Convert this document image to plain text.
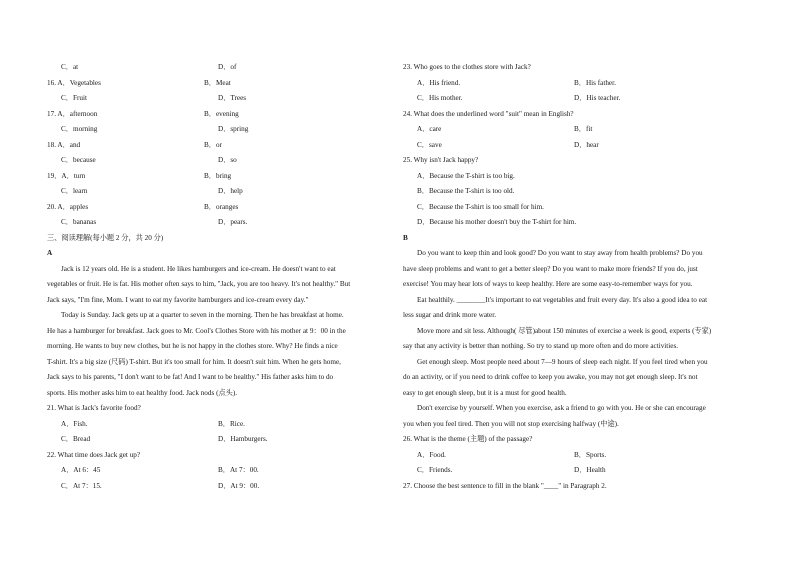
C．at	D．of
16. A．Vegetables	B．Meat
C．Fruit	D．Trees
17. A．afternoon	B．evening
C．morning	D．spring
18. A．and	B．or
C．because	D．so
19．A．turn	B．bring
C．learn	D．help
20. A．apples	B．oranges
C．bananas	D．pears.
三、阅读理解(每小题 2 分，共 20 分)
A
Jack is 12 years old. He is a student. He likes hamburgers and ice-cream. He doesn't want to eat
vegetables or fruit. He is fat. His mother often says to him, "Jack, you are too heavy. It's not healthy." But
Jack says, "I'm fine, Mom. I want to eat my favorite hamburgers and ice-cream every day."
Today is Sunday. Jack gets up at a quarter to seven in the morning. Then he has breakfast at home.
He has a hamburger for breakfast. Jack goes to Mr. Cool's Clothes Store with his mother at 9：00 in the
morning. He wants to buy new clothes, but he is not happy in the clothes store. Why? He finds a nice
T-shirt. It's a big size (尺码) T-shirt. But it's too small for him. It doesn't suit him. When he gets home,
Jack says to his parents, "I don't want to be fat! And I want to be healthy." His father asks him to do
sports. His mother asks him to eat healthy food. Jack nods (点头).
21. What is Jack's favorite food?
A．Fish.	B．Rice.
C．Bread	D．Hamburgers.
22. What time does Jack get up?
A．At 6：45	B．At 7：00.
C．At 7：15.	D．At 9：00.
23. Who goes to the clothes store with Jack?
A．His friend.	B．His father.
C．His mother.	D．His teacher.
24. What does the underlined word "suit" mean in English?
A．care	B．fit
C．save	D．hear
25. Why isn't Jack happy?
A．Because the T-shirt is too big.
B．Because the T-shirt is too old.
C．Because the T-shirt is too small for him.
D．Because his mother doesn't buy the T-shirt for him.
B
Do you want to keep thin and look good? Do you want to stay away from health problems? Do you
have sleep problems and want to get a better sleep? Do you want to make more friends? If you do, just
exercise! You may hear lots of ways to keep healthy. Here are some easy-to-remember ways for you.
Eat healthily. ________It's important to eat vegetables and fruit every day. It's also a good idea to eat
less sugar and drink more water.
Move more and sit less. Although( 尽管)about 150 minutes of exercise a week is good, experts (专家)
say that any activity is better than nothing. So try to stand up more often and do more activities.
Get enough sleep. Most people need about 7—9 hours of sleep each night. If you feel tired when you
do an activity, or if you need to drink coffee to keep you awake, you may not get enough sleep. It's not
easy to get enough sleep, but it is a must for good health.
Don't exercise by yourself. When you exercise, ask a friend to go with you. He or she can encourage
you when you feel tired. Then you will not stop exercising halfway (中途).
26. What is the theme (主题) of the passage?
A．Food.	B．Sports.
C．Friends.	D．Health
27. Choose the best sentence to fill in the blank "____" in Paragraph 2.
